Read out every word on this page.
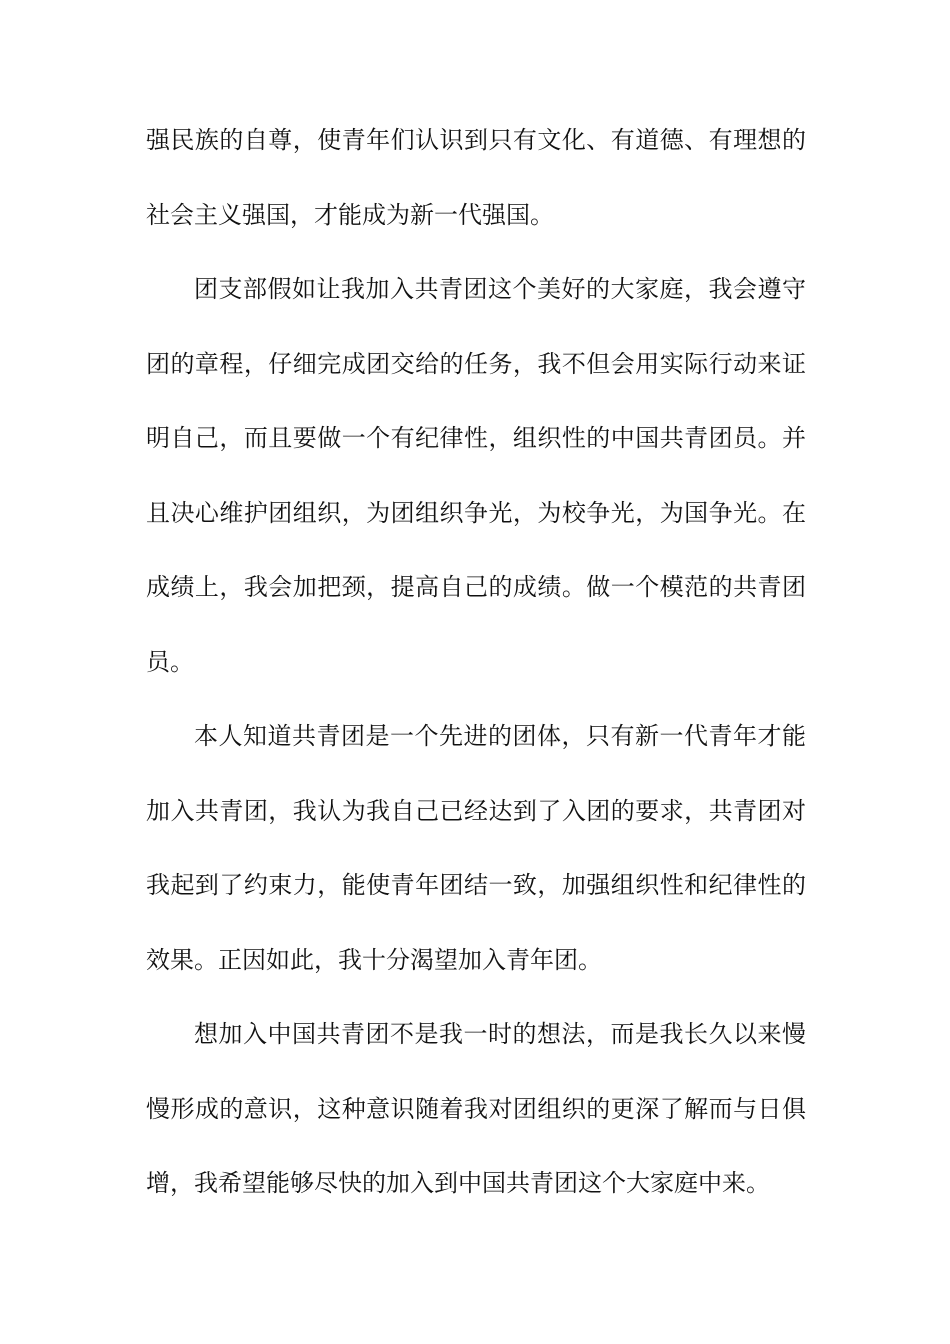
强民族的自尊，使青年们认识到只有文化、有道德、有理想的
社会主义强国，才能成为新一代强国。
团支部假如让我加入共青团这个美好的大家庭，我会遵守
团的章程，仔细完成团交给的任务，我不但会用实际行动来证
明自己，而且要做一个有纪律性，组织性的中国共青团员。并
且决心维护团组织，为团组织争光，为校争光，为国争光。在
成绩上，我会加把颈，提高自己的成绩。做一个模范的共青团
员。
本人知道共青团是一个先进的团体，只有新一代青年才能
加入共青团，我认为我自己已经达到了入团的要求，共青团对
我起到了约束力，能使青年团结一致，加强组织性和纪律性的
效果。正因如此，我十分渴望加入青年团。
想加入中国共青团不是我一时的想法，而是我长久以来慢
慢形成的意识，这种意识随着我对团组织的更深了解而与日俱
增，我希望能够尽快的加入到中国共青团这个大家庭中来。
